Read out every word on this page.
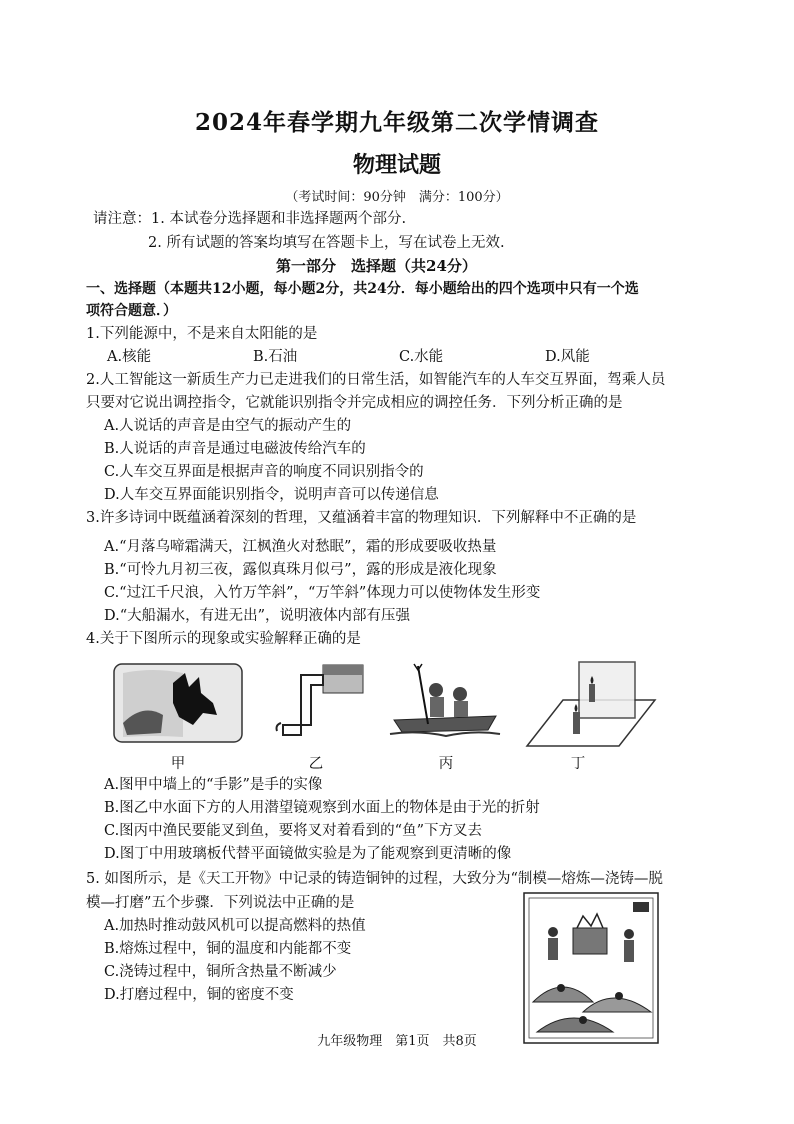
2024年春学期九年级第二次学情调查
物理试题
（考试时间：90分钟　满分：100分）
请注意：1. 本试卷分选择题和非选择题两个部分.
2. 所有试题的答案均填写在答题卡上，写在试卷上无效.
第一部分　选择题（共24分）
一、选择题（本题共12小题，每小题2分，共24分．每小题给出的四个选项中只有一个选
项符合题意．）
1.下列能源中，不是来自太阳能的是
A.核能	B.石油	C.水能	D.风能
2.人工智能这一新质生产力已走进我们的日常生活，如智能汽车的人车交互界面，驾乘人员
只要对它说出调控指令，它就能识别指令并完成相应的调控任务．下列分析正确的是
A.人说话的声音是由空气的振动产生的
B.人说话的声音是通过电磁波传给汽车的
C.人车交互界面是根据声音的响度不同识别指令的
D.人车交互界面能识别指令，说明声音可以传递信息
3.许多诗词中既蕴涵着深刻的哲理，又蕴涵着丰富的物理知识．下列解释中不正确的是
A.“月落乌啼霜满天，江枫渔火对愁眠”，霜的形成要吸收热量
B.“可怜九月初三夜，露似真珠月似弓”，露的形成是液化现象
C.“过江千尺浪，入竹万竿斜”，“万竿斜”体现力可以使物体发生形变
D.“大船漏水，有进无出”，说明液体内部有压强
4.关于下图所示的现象或实验解释正确的是
甲	乙	丙	丁
A.图甲中墙上的“手影”是手的实像
B.图乙中水面下方的人用潜望镜观察到水面上的物体是由于光的折射
C.图丙中渔民要能叉到鱼，要将叉对着看到的“鱼”下方叉去
D.图丁中用玻璃板代替平面镜做实验是为了能观察到更清晰的像
5. 如图所示，是《天工开物》中记录的铸造铜钟的过程，大致分为“制模—熔炼—浇铸—脱
模—打磨”五个步骤．下列说法中正确的是
A.加热时推动鼓风机可以提高燃料的热值
B.熔炼过程中，铜的温度和内能都不变
C.浇铸过程中，铜所含热量不断减少
D.打磨过程中，铜的密度不变
九年级物理　第1页　共8页
